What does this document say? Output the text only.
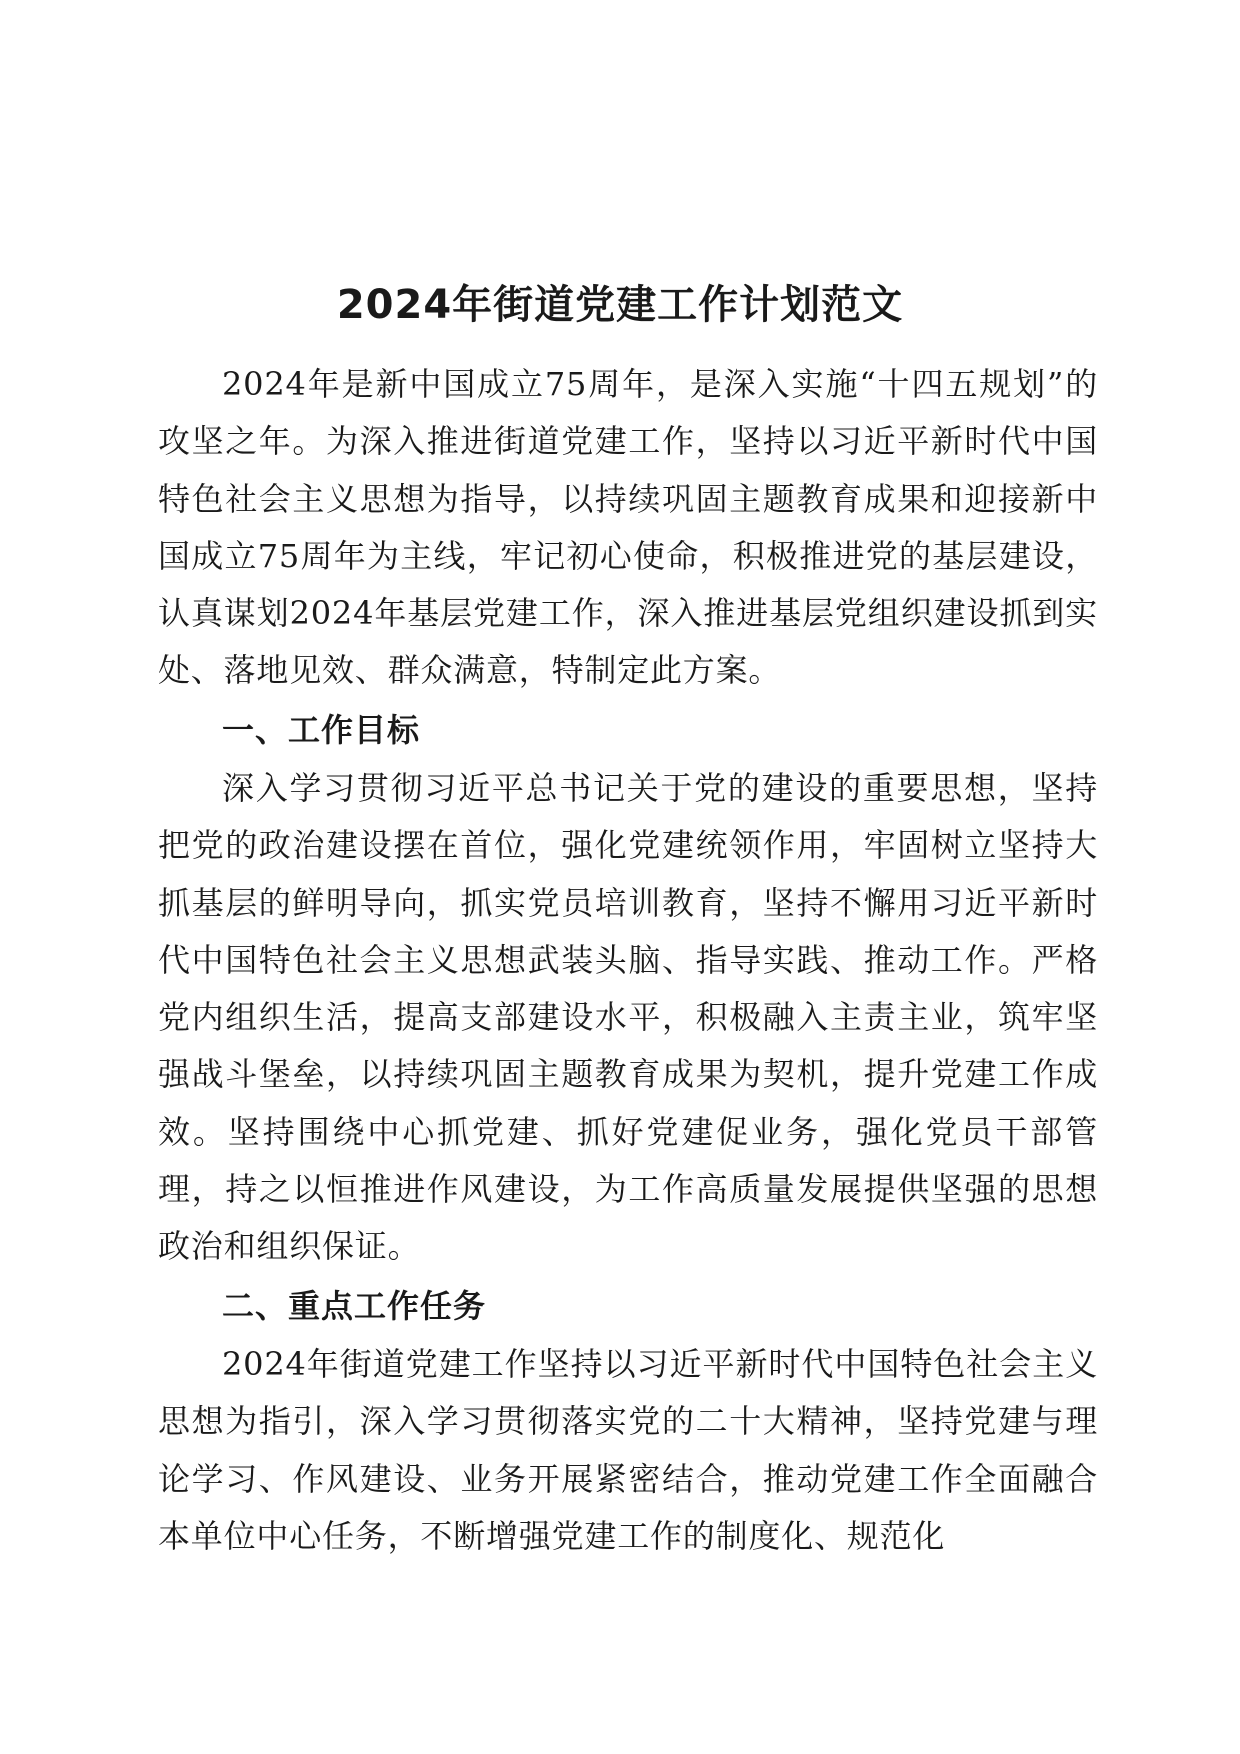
2024年街道党建工作计划范文

2024年是新中国成立75周年，是深入实施“十四五规划”的攻坚之年。为深入推进街道党建工作，坚持以习近平新时代中国特色社会主义思想为指导，以持续巩固主题教育成果和迎接新中国成立75周年为主线，牢记初心使命，积极推进党的基层建设，认真谋划2024年基层党建工作，深入推进基层党组织建设抓到实处、落地见效、群众满意，特制定此方案。

一、工作目标

深入学习贯彻习近平总书记关于党的建设的重要思想，坚持把党的政治建设摆在首位，强化党建统领作用，牢固树立坚持大抓基层的鲜明导向，抓实党员培训教育，坚持不懈用习近平新时代中国特色社会主义思想武装头脑、指导实践、推动工作。严格党内组织生活，提高支部建设水平，积极融入主责主业，筑牢坚强战斗堡垒，以持续巩固主题教育成果为契机，提升党建工作成效。坚持围绕中心抓党建、抓好党建促业务，强化党员干部管理，持之以恒推进作风建设，为工作高质量发展提供坚强的思想政治和组织保证。

二、重点工作任务

2024年街道党建工作坚持以习近平新时代中国特色社会主义思想为指引，深入学习贯彻落实党的二十大精神，坚持党建与理论学习、作风建设、业务开展紧密结合，推动党建工作全面融合本单位中心任务，不断增强党建工作的制度化、规范化
